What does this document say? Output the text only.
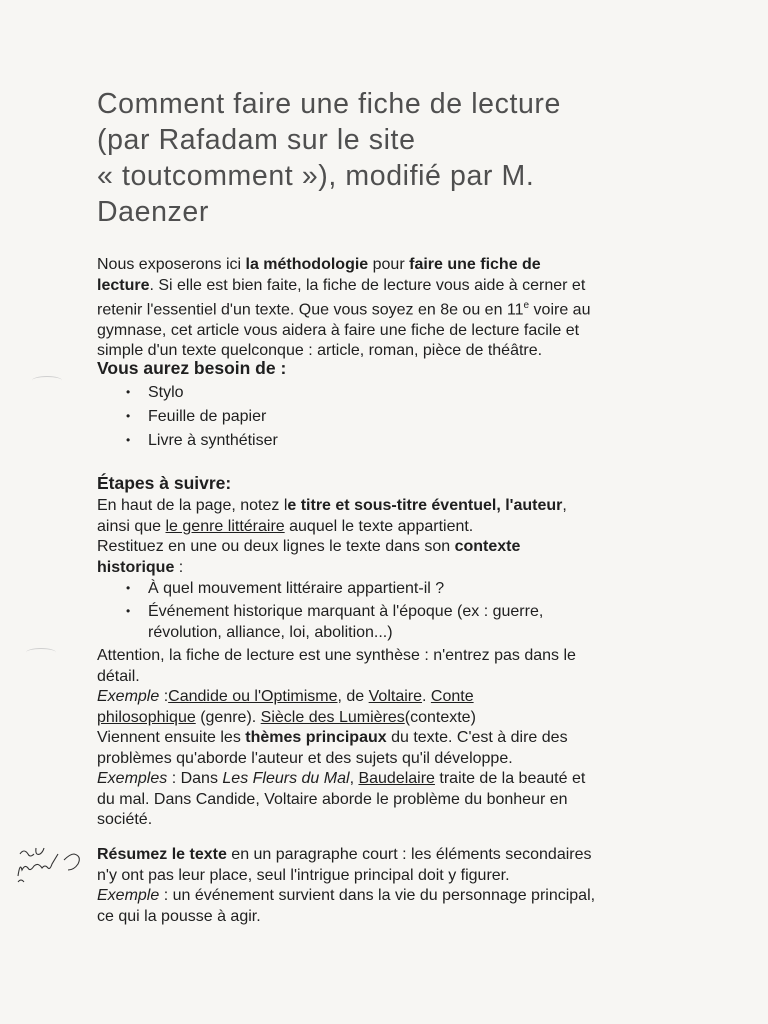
Comment faire une fiche de lecture
(par Rafadam sur le site
« toutcomment »), modifié par M.
Daenzer
Nous exposerons ici la méthodologie pour faire une fiche de
lecture. Si elle est bien faite, la fiche de lecture vous aide à cerner et
retenir l'essentiel d'un texte. Que vous soyez en 8e ou en 11e voire au
gymnase, cet article vous aidera à faire une fiche de lecture facile et
simple d'un texte quelconque : article, roman, pièce de théâtre.
Vous aurez besoin de :
• Stylo
• Feuille de papier
• Livre à synthétiser
Étapes à suivre:
En haut de la page, notez le titre et sous-titre éventuel, l'auteur,
ainsi que le genre littéraire auquel le texte appartient.
Restituez en une ou deux lignes le texte dans son contexte
historique :
• À quel mouvement littéraire appartient-il ?
• Événement historique marquant à l'époque (ex : guerre,
révolution, alliance, loi, abolition...)
Attention, la fiche de lecture est une synthèse : n'entrez pas dans le
détail.
Exemple :Candide ou l'Optimisme, de Voltaire. Conte
philosophique (genre). Siècle des Lumières(contexte)
Viennent ensuite les thèmes principaux du texte. C'est à dire des
problèmes qu'aborde l'auteur et des sujets qu'il développe.
Exemples : Dans Les Fleurs du Mal, Baudelaire traite de la beauté et
du mal. Dans Candide, Voltaire aborde le problème du bonheur en
société.
Résumez le texte en un paragraphe court : les éléments secondaires
n'y ont pas leur place, seul l'intrigue principal doit y figurer.
Exemple : un événement survient dans la vie du personnage principal,
ce qui la pousse à agir.
